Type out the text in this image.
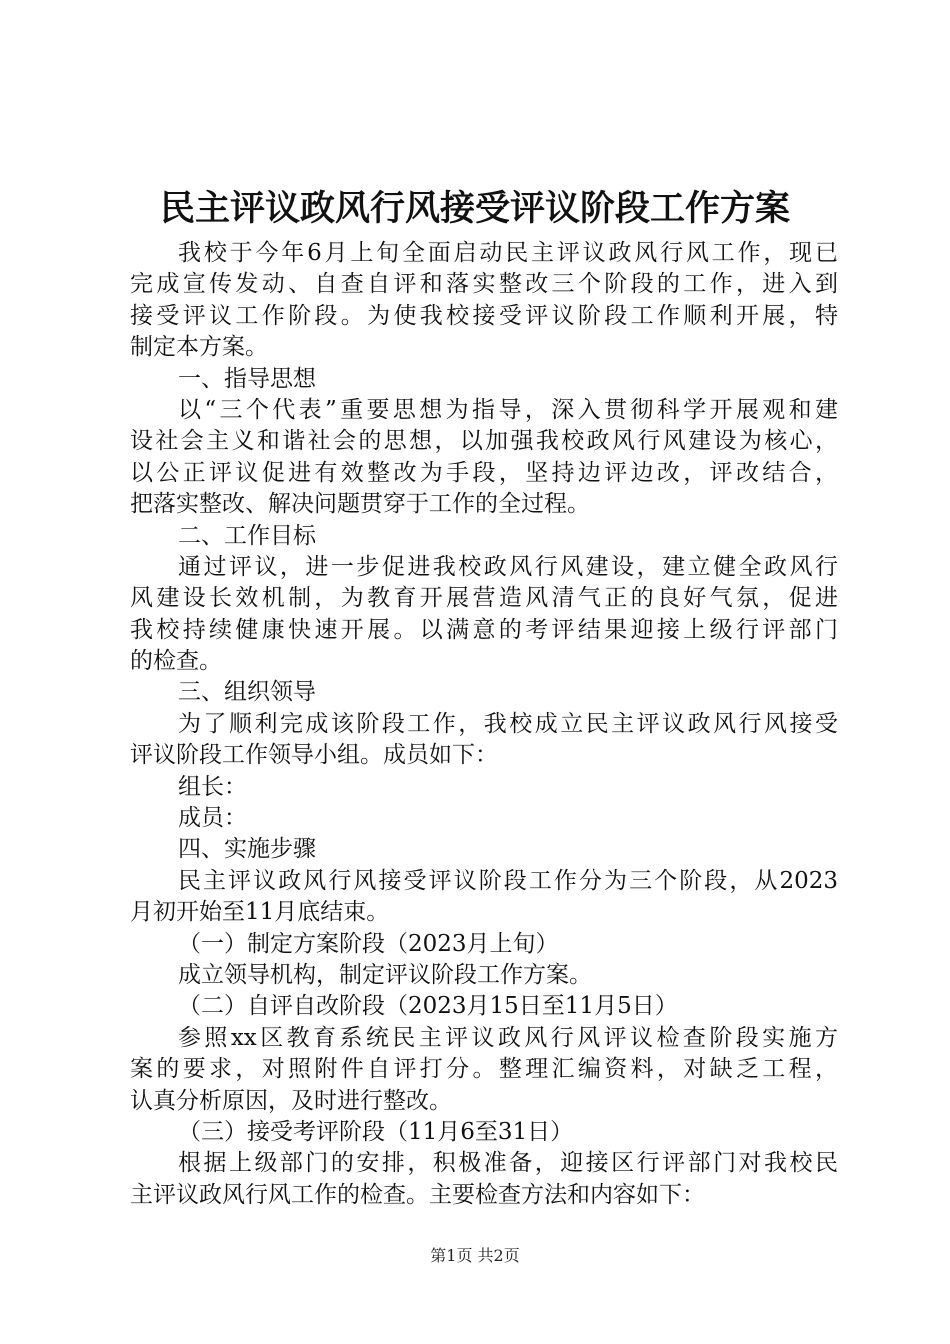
民主评议政风行风接受评议阶段工作方案
我校于今年6月上旬全面启动民主评议政风行风工作，现已
完成宣传发动、自查自评和落实整改三个阶段的工作，进入到
接受评议工作阶段。为使我校接受评议阶段工作顺利开展，特
制定本方案。
一、指导思想
以“三个代表”重要思想为指导，深入贯彻科学开展观和建
设社会主义和谐社会的思想，以加强我校政风行风建设为核心，
以公正评议促进有效整改为手段，坚持边评边改，评改结合，
把落实整改、解决问题贯穿于工作的全过程。
二、工作目标
通过评议，进一步促进我校政风行风建设，建立健全政风行
风建设长效机制，为教育开展营造风清气正的良好气氛，促进
我校持续健康快速开展。以满意的考评结果迎接上级行评部门
的检查。
三、组织领导
为了顺利完成该阶段工作，我校成立民主评议政风行风接受
评议阶段工作领导小组。成员如下：
组长：
成员：
四、实施步骤
民主评议政风行风接受评议阶段工作分为三个阶段，从2023
月初开始至11月底结束。
（一）制定方案阶段（2023月上旬）
成立领导机构，制定评议阶段工作方案。
（二）自评自改阶段（2023月15日至11月5日）
参照xx区教育系统民主评议政风行风评议检查阶段实施方
案的要求，对照附件自评打分。整理汇编资料，对缺乏工程，
认真分析原因，及时进行整改。
（三）接受考评阶段（11月6至31日）
根据上级部门的安排，积极准备，迎接区行评部门对我校民
主评议政风行风工作的检查。主要检查方法和内容如下：
第1页 共2页
